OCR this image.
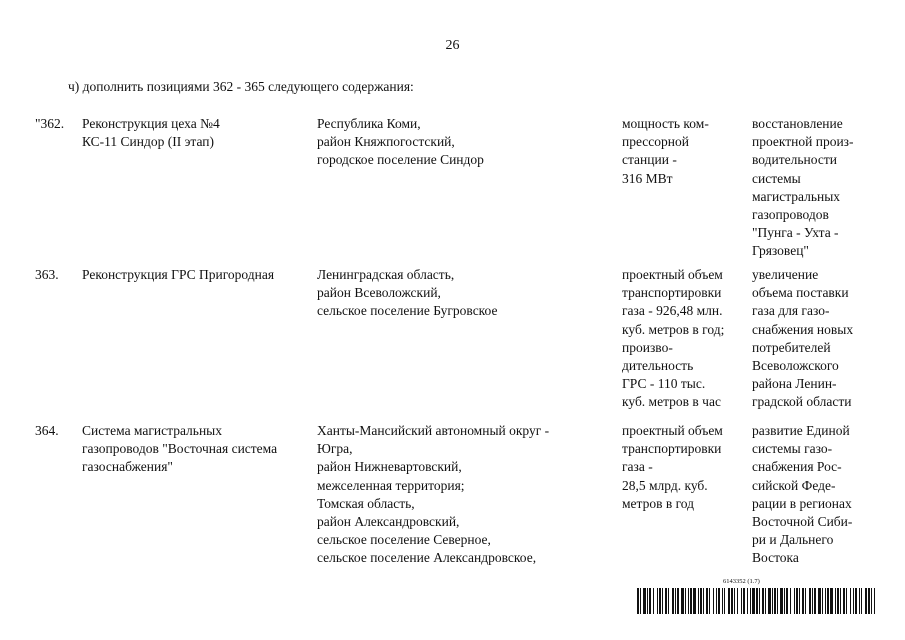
26
ч) дополнить позициями 362 - 365 следующего содержания:
"362. Реконструкция цеха №4
КС-11 Синдор (II этап)
Республика Коми,
район Княжпогостский,
городское поселение Синдор
мощность ком-
прессорной
станции -
316 МВт
восстановление
проектной произ-
водительности
системы
магистральных
газопроводов
"Пунга - Ухта -
Грязовец"
363. Реконструкция ГРС Пригородная	Ленинградская область,
район Всеволожский,
сельское поселение Бугровское
проектный объем
транспортировки
газа - 926,48 млн.
куб. метров в год;
произво-
дительность
ГРС - 110 тыс.
куб. метров в час
увеличение
объема поставки
газа для газо-
снабжения новых
потребителей
Всеволожского
района Ленин-
градской области
364. Система магистральных
газопроводов "Восточная система
газоснабжения"
Ханты-Мансийский автономный округ -
Югра,
район Нижневартовский,
межселенная территория;
Томская область,
район Александровский,
сельское поселение Северное,
сельское поселение Александровское,
проектный объем
транспортировки
газа -
28,5 млрд. куб.
метров в год
развитие Единой
системы газо-
снабжения Рос-
сийской Феде-
рации в регионах
Восточной Сиби-
ри и Дальнего
Востока
6143352 (1.7)
